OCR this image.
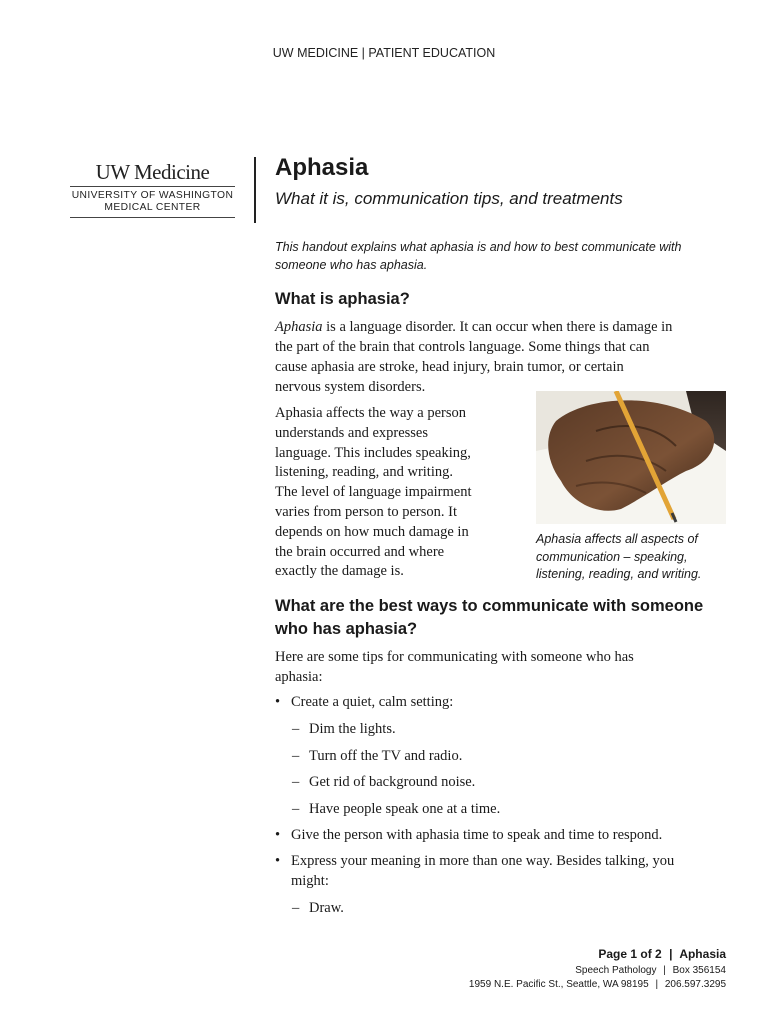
UW MEDICINE | PATIENT EDUCATION
UW Medicine
UNIVERSITY OF WASHINGTON
MEDICAL CENTER
Aphasia
What it is, communication tips, and treatments
This handout explains what aphasia is and how to best communicate with
someone who has aphasia.
What is aphasia?
Aphasia is a language disorder. It can occur when there is damage in
the part of the brain that controls language. Some things that can
cause aphasia are stroke, head injury, brain tumor, or certain
nervous system disorders.
Aphasia affects the way a person
understands and expresses
language. This includes speaking,
listening, reading, and writing.
The level of language impairment
varies from person to person. It
depends on how much damage in
the brain occurred and where
exactly the damage is.
Aphasia affects all aspects of
communication – speaking,
listening, reading, and writing.
What are the best ways to communicate with someone
who has aphasia?
Here are some tips for communicating with someone who has
aphasia:
• Create a quiet, calm setting:
– Dim the lights.
– Turn off the TV and radio.
– Get rid of background noise.
– Have people speak one at a time.
• Give the person with aphasia time to speak and time to respond.
• Express your meaning in more than one way. Besides talking, you
might:
– Draw.
Page 1 of 2 | Aphasia
Speech Pathology | Box 356154
1959 N.E. Pacific St., Seattle, WA 98195 | 206.597.3295
